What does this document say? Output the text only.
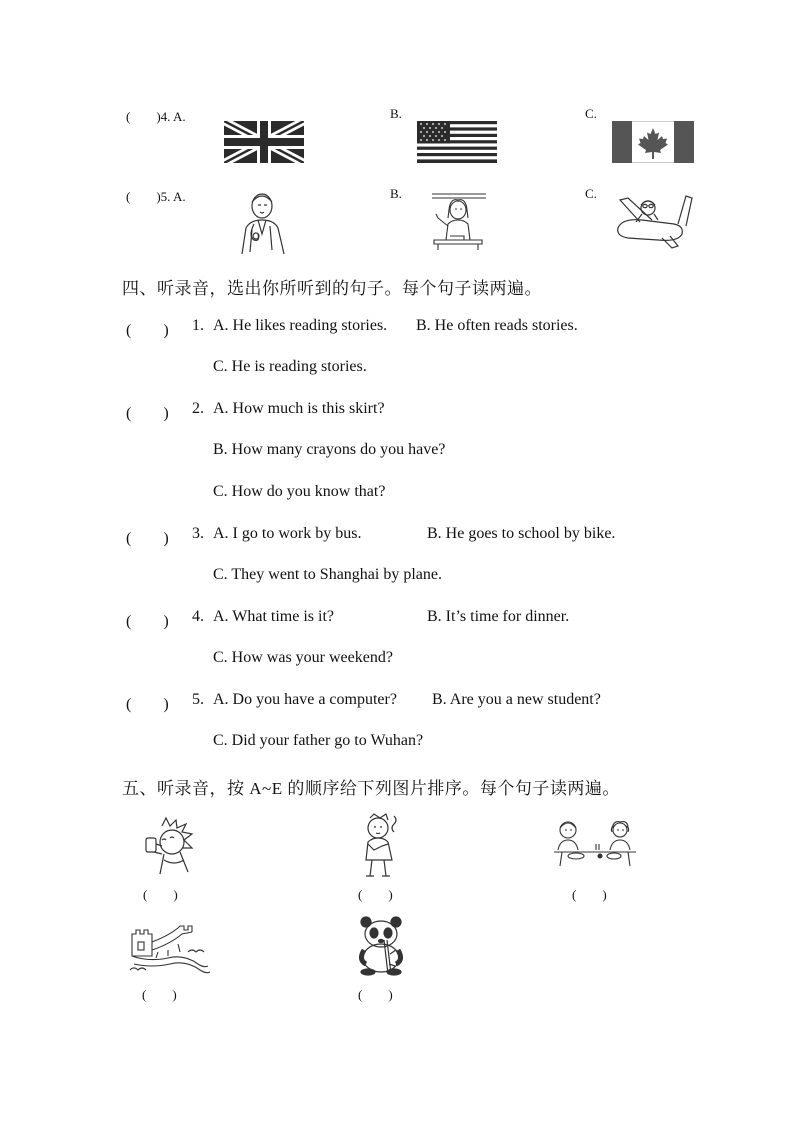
(　　)4. A.	B.	C.
(　　)5. A.	B.	C.
四、听录音，选出你所听到的句子。每个句子读两遍。
(　　) 1. A. He likes reading stories. B. He often reads stories.
C. He is reading stories.
(　　) 2. A. How much is this skirt?
B. How many crayons do you have?
C. How do you know that?
(　　) 3. A. I go to work by bus.	B. He goes to school by bike.
C. They went to Shanghai by plane.
(　　) 4. A. What time is it?	B. It’s time for dinner.
C. How was your weekend?
(　　) 5. A. Do you have a computer? B. Are you a new student?
C. Did your father go to Wuhan?
五、听录音，按 A~E 的顺序给下列图片排序。每个句子读两遍。
(　　)	(　　)	(　　)
(　　)	(　　)
